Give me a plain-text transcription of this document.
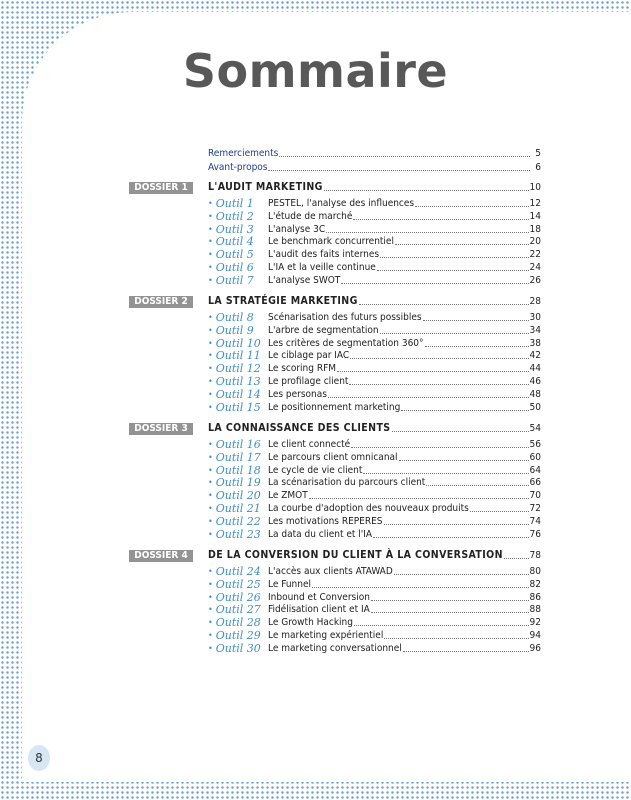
Sommaire
Remerciements	5
Avant-propos	6
DOSSIER 1	L'AUDIT MARKETING	10
• Outil 1 PESTEL, l'analyse des influences	12
• Outil 2 L'étude de marché	14
• Outil 3 L'analyse 3C	18
• Outil 4 Le benchmark concurrentiel	20
• Outil 5 L'audit des faits internes	22
• Outil 6 L'IA et la veille continue	24
• Outil 7 L'analyse SWOT	26
DOSSIER 2	LA STRATÉGIE MARKETING	28
• Outil 8 Scénarisation des futurs possibles	30
• Outil 9 L'arbre de segmentation	34
• Outil 10 Les critères de segmentation 360°	38
• Outil 11 Le ciblage par IAC	42
• Outil 12 Le scoring RFM	44
• Outil 13 Le profilage client	46
• Outil 14 Les personas	48
• Outil 15 Le positionnement marketing	50
DOSSIER 3	LA CONNAISSANCE DES CLIENTS	54
• Outil 16 Le client connecté	56
• Outil 17 Le parcours client omnicanal	60
• Outil 18 Le cycle de vie client	64
• Outil 19 La scénarisation du parcours client	66
• Outil 20 Le ZMOT	70
• Outil 21 La courbe d'adoption des nouveaux produits	72
• Outil 22 Les motivations REPERES	74
• Outil 23 La data du client et l'IA	76
DOSSIER 4	DE LA CONVERSION DU CLIENT À LA CONVERSATION	78
• Outil 24 L'accès aux clients ATAWAD	80
• Outil 25 Le Funnel	82
• Outil 26 Inbound et Conversion	86
• Outil 27 Fidélisation client et IA	88
• Outil 28 Le Growth Hacking	92
• Outil 29 Le marketing expérientiel	94
• Outil 30 Le marketing conversationnel	96
8
